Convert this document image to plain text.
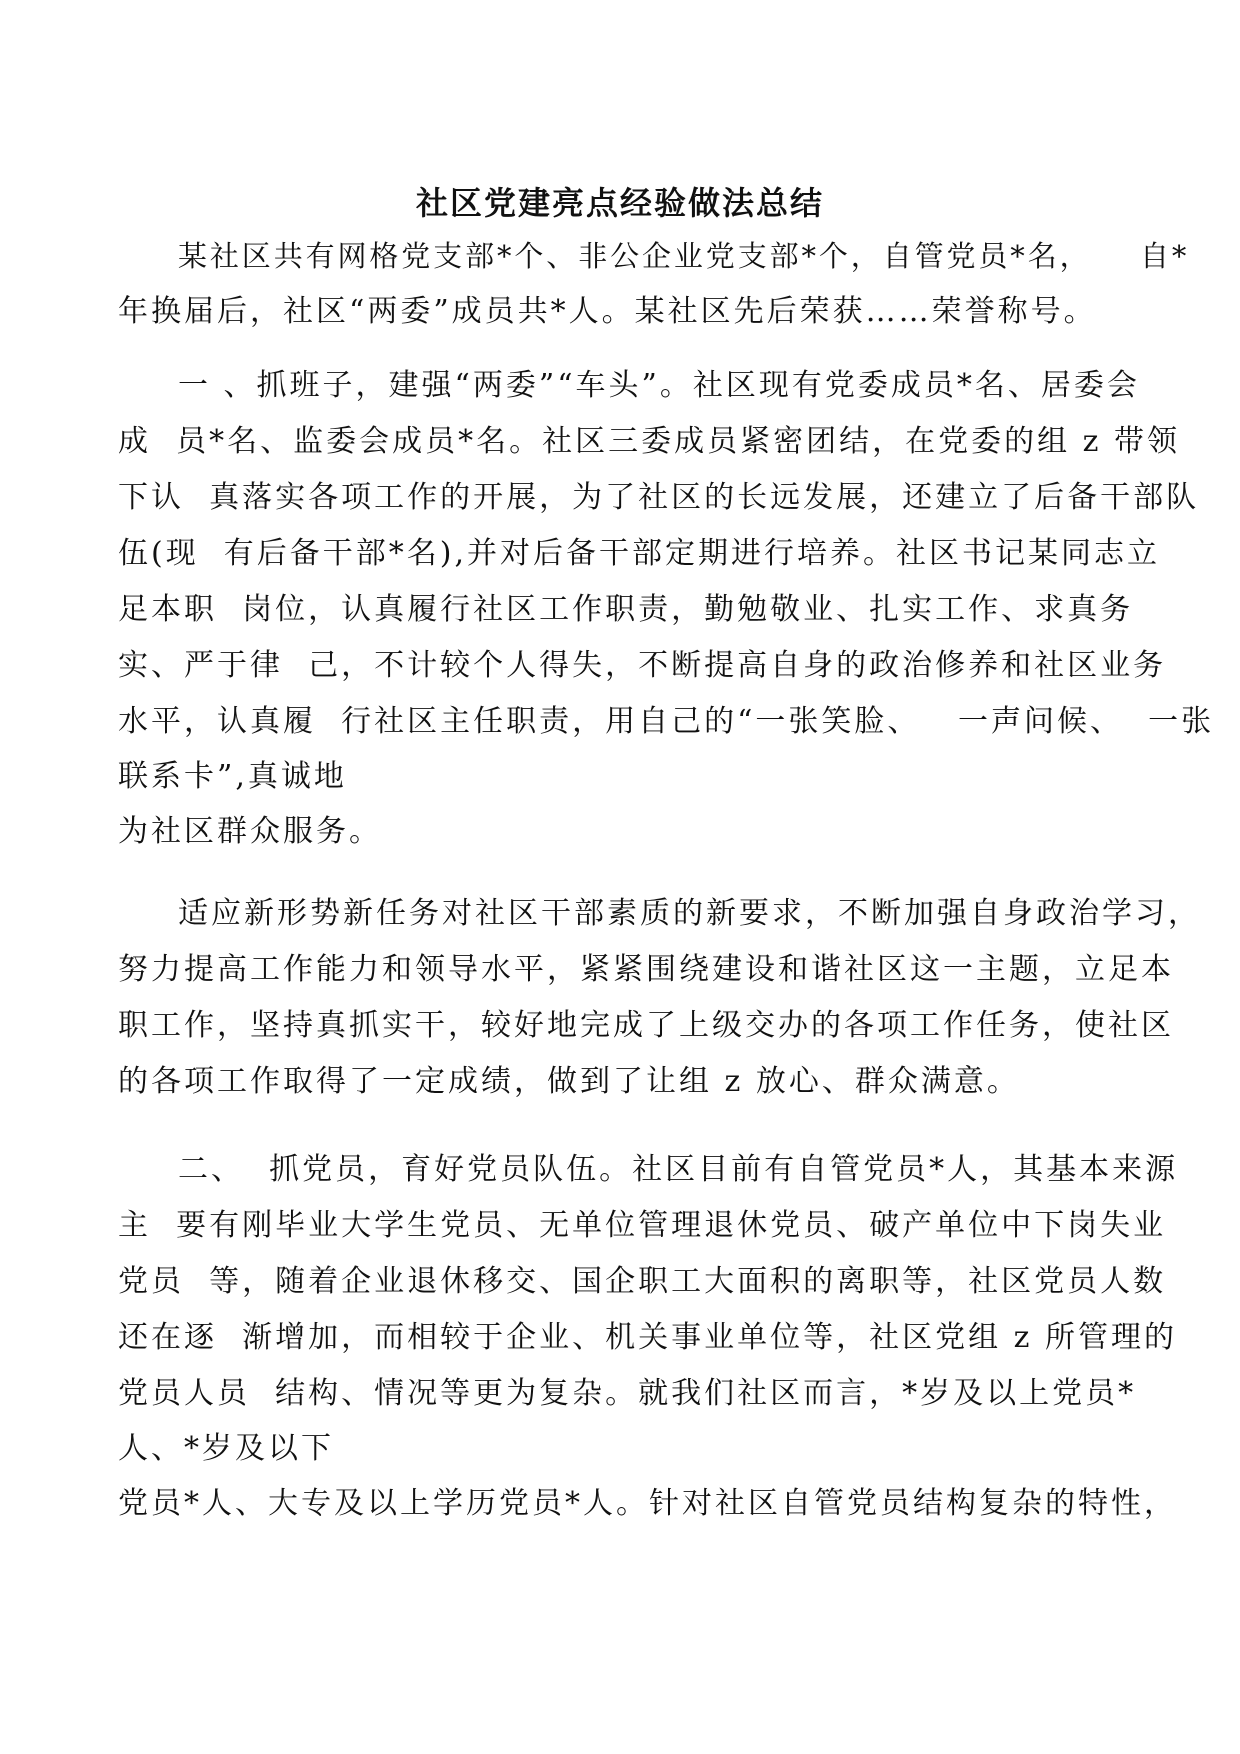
社区党建亮点经验做法总结
某社区共有网格党支部*个、非公企业党支部*个，自管党员*名，    自*
年换届后，社区“两委”成员共*人。某社区先后荣获……荣誉称号。
一 、抓班子，建强“两委”“车头”。社区现有党委成员*名、居委会
成  员*名、监委会成员*名。社区三委成员紧密团结，在党委的组 z 带领
下认  真落实各项工作的开展，为了社区的长远发展，还建立了后备干部队
伍(现  有后备干部*名),并对后备干部定期进行培养。社区书记某同志立
足本职  岗位，认真履行社区工作职责，勤勉敬业、扎实工作、求真务
实、严于律  己，不计较个人得失，不断提高自身的政治修养和社区业务
水平，认真履  行社区主任职责，用自己的“一张笑脸、   一声问候、  一张
联系卡”,真诚地
为社区群众服务。
适应新形势新任务对社区干部素质的新要求，不断加强自身政治学习，
努力提高工作能力和领导水平，紧紧围绕建设和谐社区这一主题，立足本
职工作，坚持真抓实干，较好地完成了上级交办的各项工作任务，使社区
的各项工作取得了一定成绩，做到了让组 z 放心、群众满意。
二、  抓党员，育好党员队伍。社区目前有自管党员*人，其基本来源
主  要有刚毕业大学生党员、无单位管理退休党员、破产单位中下岗失业
党员  等，随着企业退休移交、国企职工大面积的离职等，社区党员人数
还在逐  渐增加，而相较于企业、机关事业单位等，社区党组 z 所管理的
党员人员  结构、情况等更为复杂。就我们社区而言，*岁及以上党员*
人、*岁及以下
党员*人、大专及以上学历党员*人。针对社区自管党员结构复杂的特性，
